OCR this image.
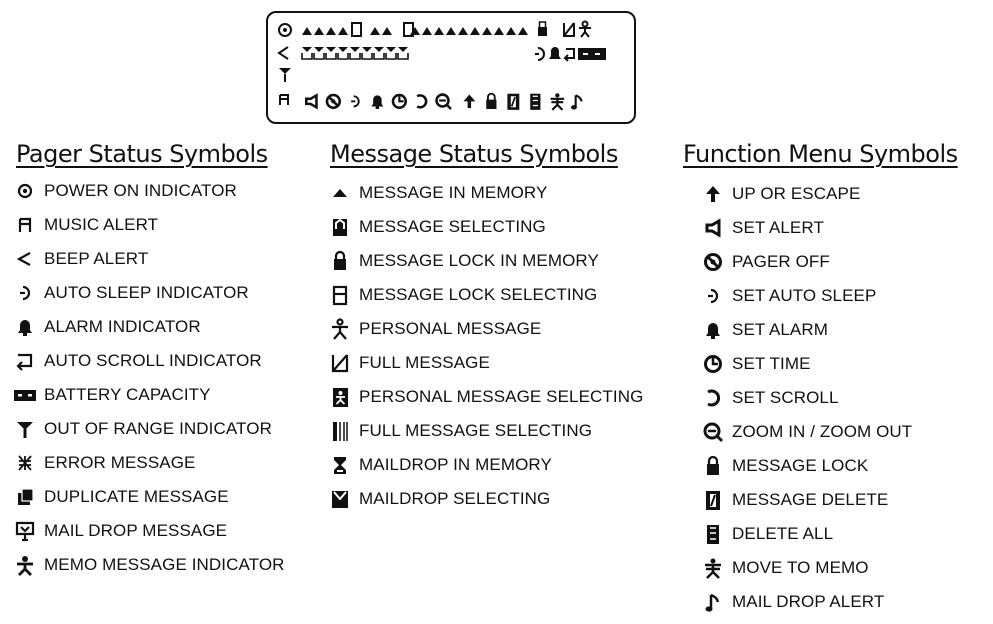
Pager Status Symbols
POWER ON INDICATOR
MUSIC ALERT
BEEP ALERT
AUTO SLEEP INDICATOR
ALARM INDICATOR
AUTO SCROLL INDICATOR
BATTERY CAPACITY
OUT OF RANGE INDICATOR
ERROR MESSAGE
DUPLICATE MESSAGE
MAIL DROP MESSAGE
MEMO MESSAGE INDICATOR
Message Status Symbols
MESSAGE IN MEMORY
MESSAGE SELECTING
MESSAGE LOCK IN MEMORY
MESSAGE LOCK SELECTING
PERSONAL MESSAGE
FULL MESSAGE
PERSONAL MESSAGE SELECTING
FULL MESSAGE SELECTING
MAILDROP IN MEMORY
MAILDROP SELECTING
Function Menu Symbols
UP OR ESCAPE
SET ALERT
PAGER OFF
SET AUTO SLEEP
SET ALARM
SET TIME
SET SCROLL
ZOOM IN / ZOOM OUT
MESSAGE LOCK
MESSAGE DELETE
DELETE ALL
MOVE TO MEMO
MAIL DROP ALERT
